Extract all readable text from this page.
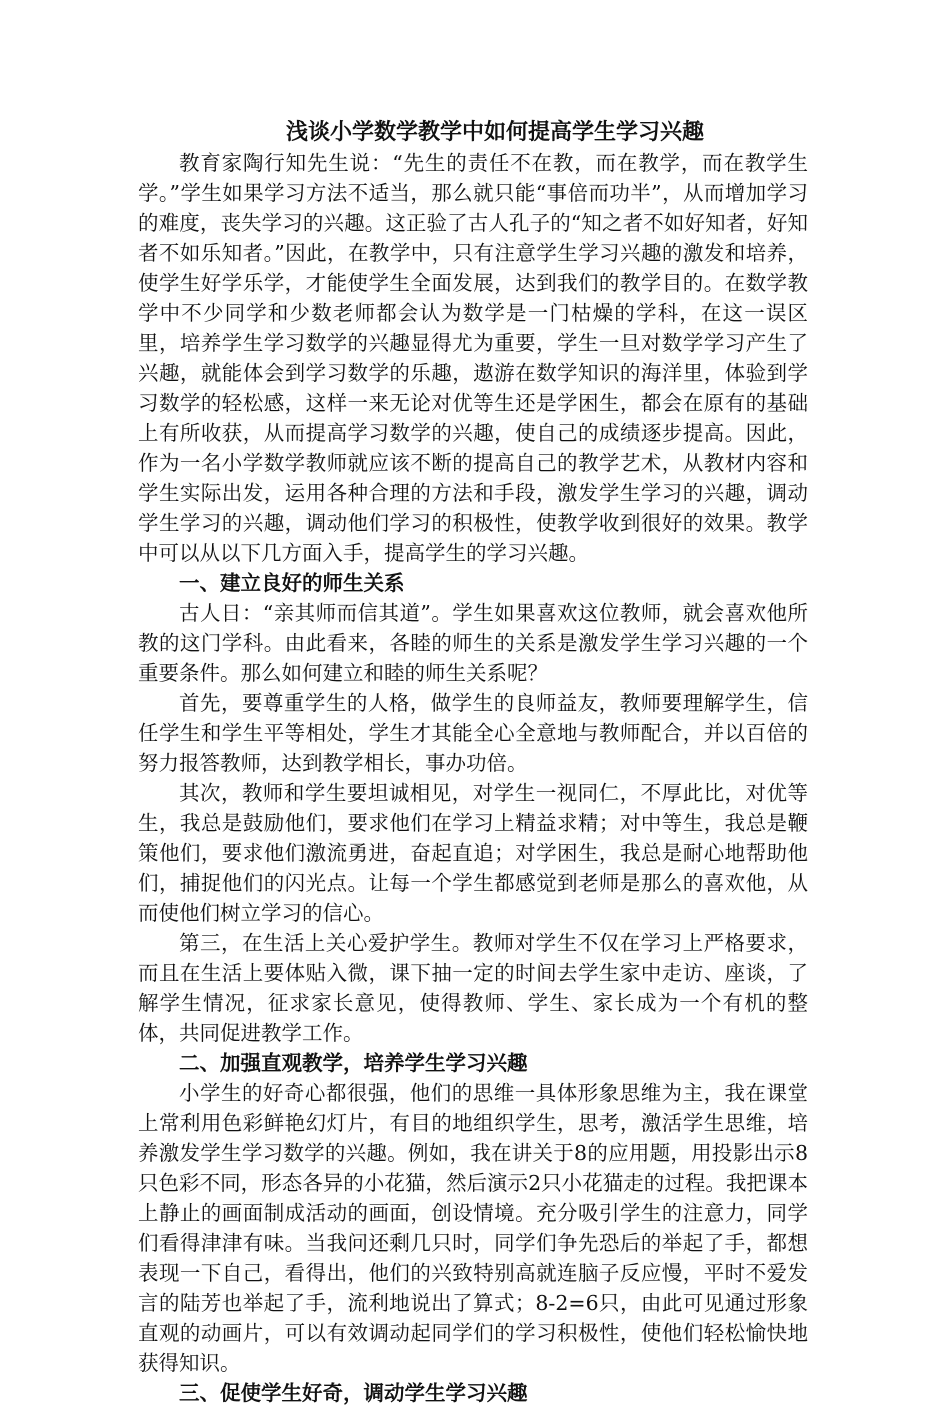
浅谈小学数学教学中如何提高学生学习兴趣

教育家陶行知先生说：“先生的责任不在教，而在教学，而在教学生学。”学生如果学习方法不适当，那么就只能“事倍而功半”，从而增加学习的难度，丧失学习的兴趣。这正验了古人孔子的“知之者不如好知者，好知者不如乐知者。”因此，在教学中，只有注意学生学习兴趣的激发和培养，使学生好学乐学，才能使学生全面发展，达到我们的教学目的。在数学教学中不少同学和少数老师都会认为数学是一门枯燥的学科，在这一误区里，培养学生学习数学的兴趣显得尤为重要，学生一旦对数学学习产生了兴趣，就能体会到学习数学的乐趣，遨游在数学知识的海洋里，体验到学习数学的轻松感，这样一来无论对优等生还是学困生，都会在原有的基础上有所收获，从而提高学习数学的兴趣，使自己的成绩逐步提高。因此，作为一名小学数学教师就应该不断的提高自己的教学艺术，从教材内容和学生实际出发，运用各种合理的方法和手段，激发学生学习的兴趣，调动学生学习的兴趣，调动他们学习的积极性，使教学收到很好的效果。教学中可以从以下几方面入手，提高学生的学习兴趣。

一、建立良好的师生关系

古人日：“亲其师而信其道”。学生如果喜欢这位教师，就会喜欢他所教的这门学科。由此看来，各睦的师生的关系是激发学生学习兴趣的一个重要条件。那么如何建立和睦的师生关系呢？

首先，要尊重学生的人格，做学生的良师益友，教师要理解学生，信任学生和学生平等相处，学生才其能全心全意地与教师配合，并以百倍的努力报答教师，达到教学相长，事办功倍。

其次，教师和学生要坦诚相见，对学生一视同仁，不厚此比，对优等生，我总是鼓励他们，要求他们在学习上精益求精；对中等生，我总是鞭策他们，要求他们激流勇进，奋起直追；对学困生，我总是耐心地帮助他们，捕捉他们的闪光点。让每一个学生都感觉到老师是那么的喜欢他，从而使他们树立学习的信心。

第三，在生活上关心爱护学生。教师对学生不仅在学习上严格要求，而且在生活上要体贴入微，课下抽一定的时间去学生家中走访、座谈，了解学生情况，征求家长意见，使得教师、学生、家长成为一个有机的整体，共同促进教学工作。

二、加强直观教学，培养学生学习兴趣

小学生的好奇心都很强，他们的思维一具体形象思维为主，我在课堂上常利用色彩鲜艳幻灯片，有目的地组织学生，思考，激活学生思维，培养激发学生学习数学的兴趣。例如，我在讲关于8的应用题，用投影出示8只色彩不同，形态各异的小花猫，然后演示2只小花猫走的过程。我把课本上静止的画面制成活动的画面，创设情境。充分吸引学生的注意力，同学们看得津津有味。当我问还剩几只时，同学们争先恐后的举起了手，都想表现一下自己，看得出，他们的兴致特别高就连脑子反应慢，平时不爱发言的陆芳也举起了手，流利地说出了算式；8-2=6只，由此可见通过形象直观的动画片，可以有效调动起同学们的学习积极性，使他们轻松愉快地获得知识。

三、促使学生好奇，调动学生学习兴趣
